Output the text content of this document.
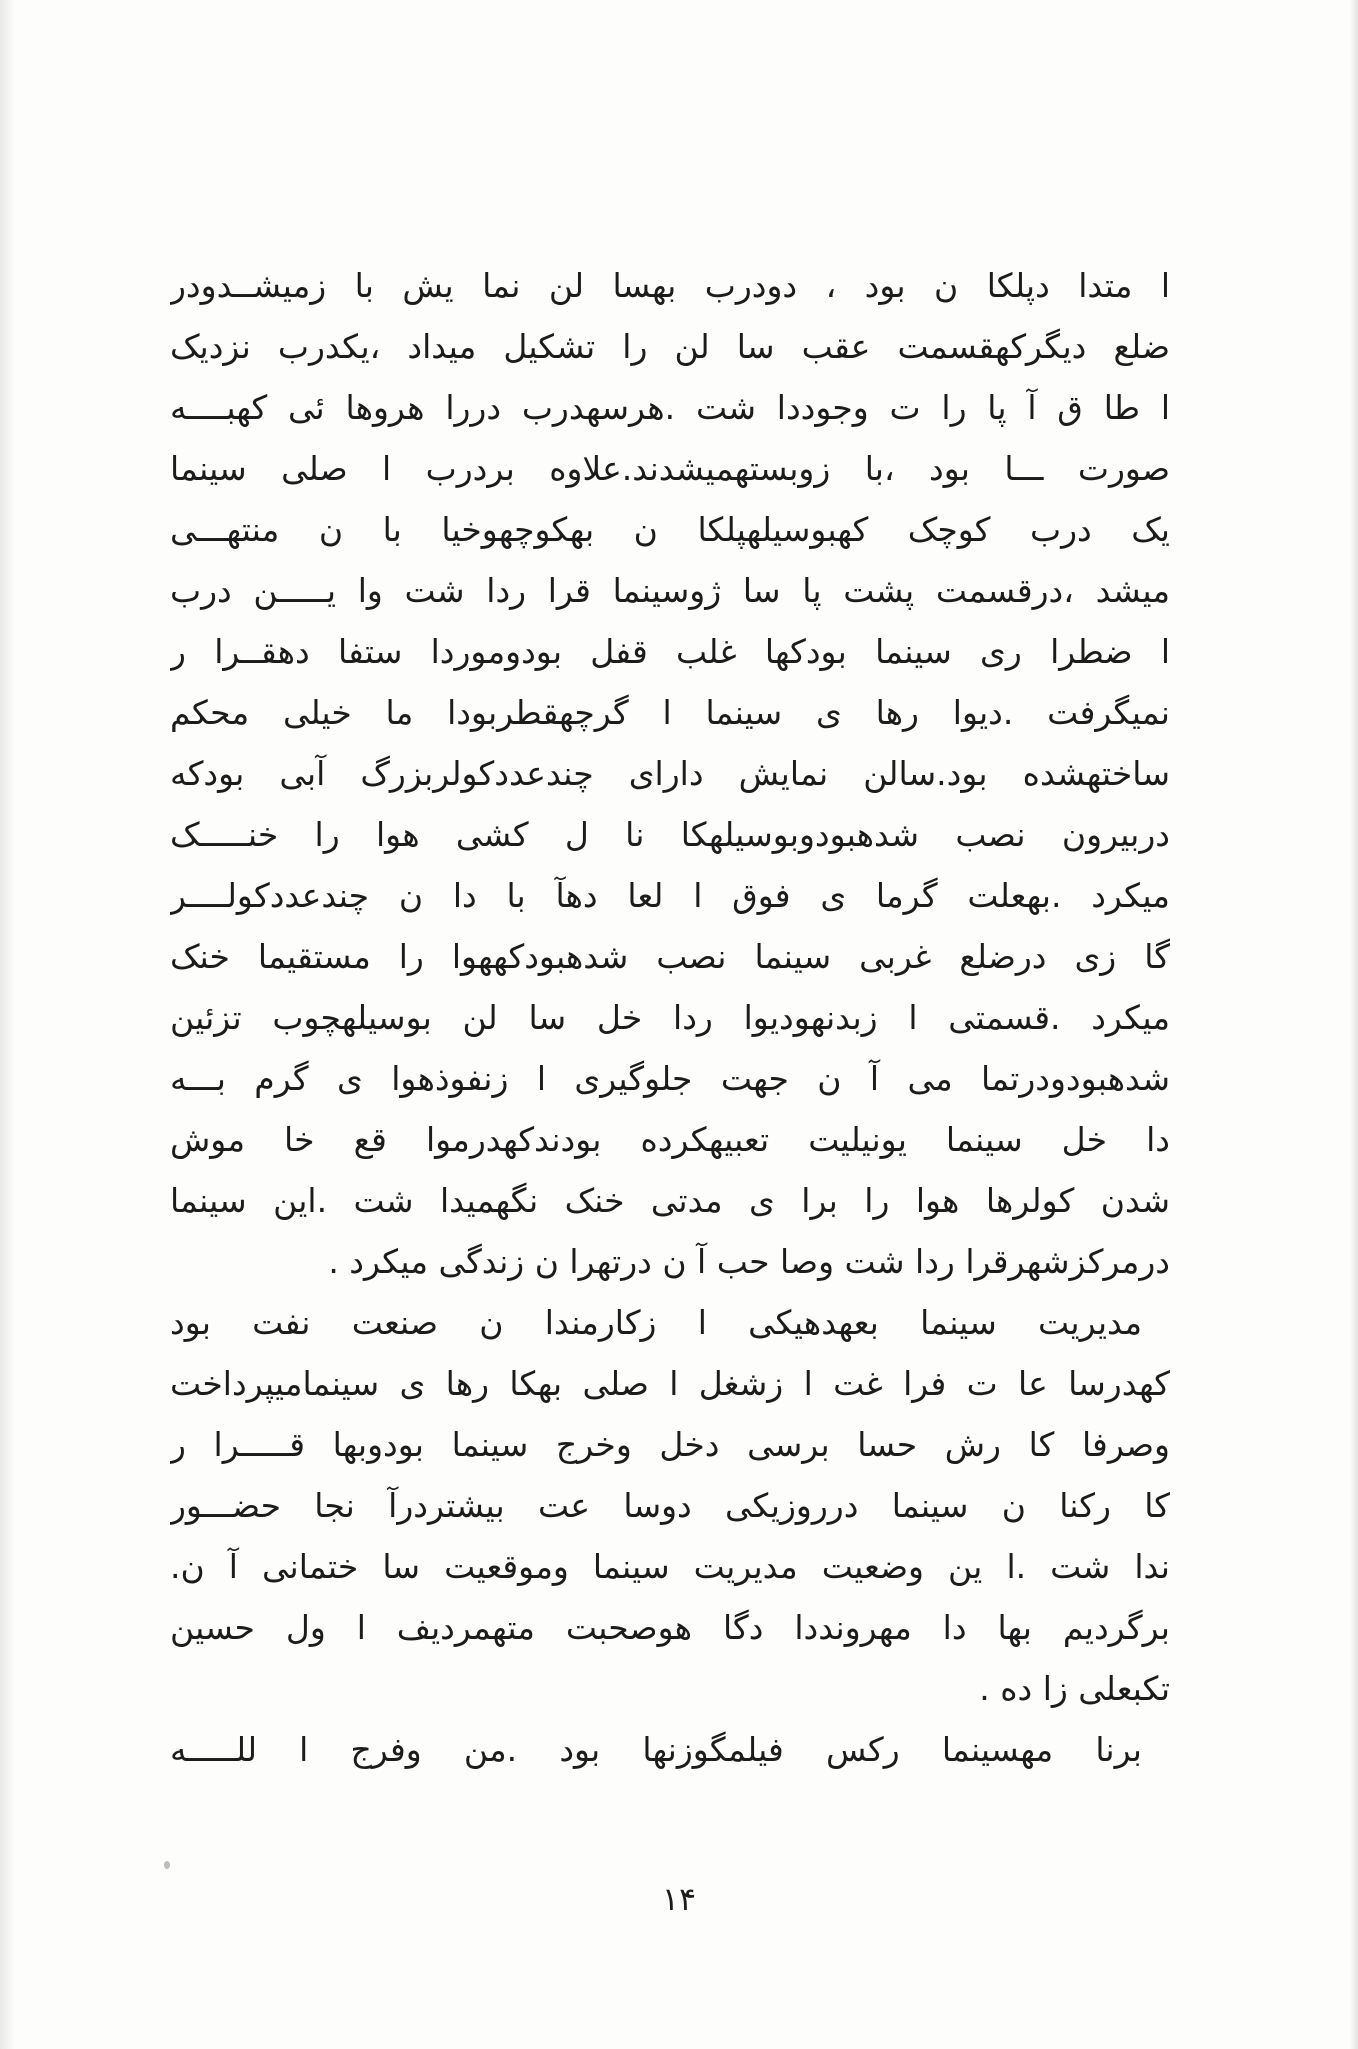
ا متدا دپلکا ن بود ، دودرب بهسا لن نما یش با زمیشــدودر
ضلع دیگرکهقسمت عقب سا لن را تشکیل میداد ،یکدرب نزدیک
ا طا ق آ پا را ت وجوددا شت .هرسهدرب دررا هروها ئی کهبــــه
صورت ـــا بود ،با زوبستهمیشدند.علاوه بردرب ا صلی سینما
یک درب کوچک کهبوسیلهپلکا ن بهکوچهوخیا با ن منتهـــی
میشد ،درقسمت پشت پا سا ژوسینما قرا ردا شت وا یـــــن درب
ا ضطرا ری سینما بودکها غلب قفل بودوموردا ستفا دهقــرا ر
نمیگرفت .دیوا رها ی سینما ا گرچهقطربودا ما خیلی محکم
ساختهشده بود.سالن نمایش دارای چندعددکولربزرگ آبی بودکه
دربیرون نصب شدهبودوبوسیلهکا نا ل کشی هوا را خنـــــک
میکرد .بهعلت گرما ی فوق ا لعا دهآ با دا ن چندعددکولــــر
گا زی درضلع غربی سینما نصب شدهبودکههوا را مستقیما خنک
میکرد .قسمتی ا زبدنهودیوا ردا خل سا لن بوسیلهچوب تزئین
شدهبودودرتما می آ ن جهت جلوگیری ا زنفوذهوا ی گرم بـــه
دا خل سینما یونیلیت تعبیهکرده بودندکهدرموا قع خا موش
شدن کولرها هوا را برا ی مدتی خنک نگهمیدا شت .این سینما
درمرکزشهرقرا ردا شت وصا حب آ ن درتهرا ن زندگی میکرد .
مدیریت سینما بعهدهیکی ا زکارمندا ن صنعت نفت بود
کهدرسا عا ت فرا غت ا زشغل ا صلی بهکا رها ی سینمامیپرداخت
وصرفا کا رش حسا برسی دخل وخرج سینما بودوبها قـــــرا ر
کا رکنا ن سینما درروزیکی دوسا عت بیشتردرآ نجا حضـــور
ندا شت .ا ین وضعیت مدیریت سینما وموقعیت سا ختمانی آ ن.
برگردیم بها دا مهرونددا دگا هوصحبت متهمردیف ا ول حسین
تکبعلی زا ده .
برنا مهسینما رکس فیلمگوزنها بود .من وفرج ا للـــــه
۱۴
